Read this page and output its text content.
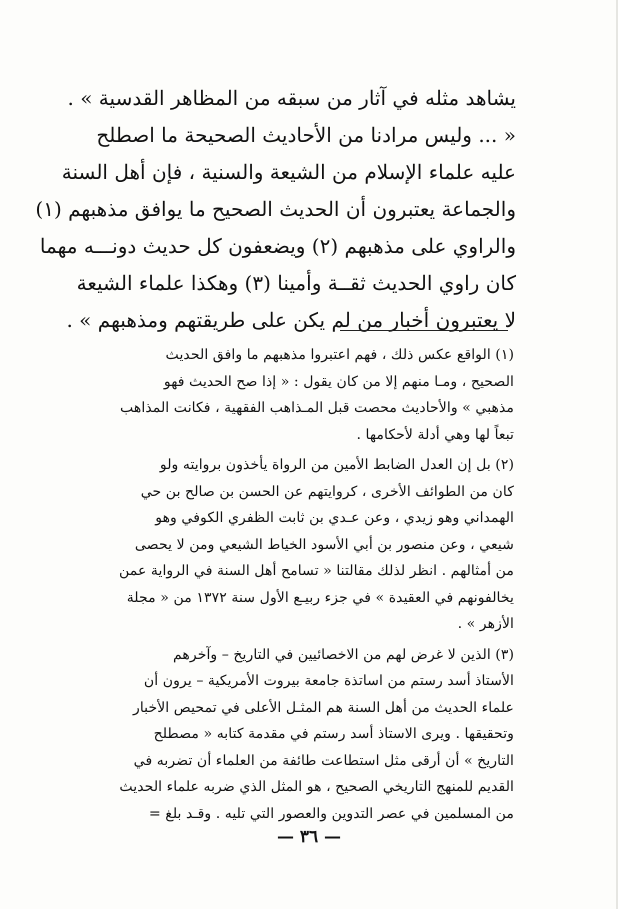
يشاهد مثله في آثار من سبقه من المظاهر القدسية » .
« ... وليس مرادنا من الأحاديث الصحيحة ما اصطلح
عليه علماء الإسلام من الشيعة والسنية ، فإن أهل السنة
والجماعة يعتبرون أن الحديث الصحيح ما يوافق مذهبهم (١)
والراوي على مذهبهم (٢) ويضعفون كل حديث دونـــه مهما
كان راوي الحديث ثقــة وأمينا (٣) وهكذا علماء الشيعة
لا يعتبرون أخبار من لم يكن على طريقتهم ومذهبهم » .
(١) الواقع عكس ذلك ، فهم اعتبروا مذهبهم ما وافق الحديث
الصحيح ، ومـا منهم إلا من كان يقول : « إذا صح الحديث فهو
مذهبي » والأحاديث محصت قبل المـذاهب الفقهية ، فكانت المذاهب
تبعاً لها وهي أدلة لأحكامها .
(٢) بل إن العدل الضابط الأمين من الرواة يأخذون بروايته ولو
كان من الطوائف الأخرى ، كروايتهم عن الحسن بن صالح بن حي
الهمداني وهو زيدي ، وعن عـدي بن ثابت الظفري الكوفي وهو
شيعي ، وعن منصور بن أبي الأسود الخياط الشيعي ومن لا يحصى
من أمثالهم . انظر لذلك مقالتنا « تسامح أهل السنة في الرواية عمن
يخالفونهم في العقيدة » في جزء ربيـع الأول سنة ١٣٧٢ من « مجلة
الأزهر » .
(٣) الذين لا غرض لهم من الاخصائيين في التاريخ – وآخرهم
الأستاذ أسد رستم من اساتذة جامعة بيروت الأمريكية – يرون أن
علماء الحديث من أهل السنة هم المثـل الأعلى في تمحيص الأخبار
وتحقيقها . ويرى الاستاذ أسد رستم في مقدمة كتابه « مصطلح
التاريخ » أن أرقى مثل استطاعت طائفة من العلماء أن تضربه في
القديم للمنهج التاريخي الصحيح ، هو المثل الذي ضربه علماء الحديث
من المسلمين في عصر التدوين والعصور التي تليه . وقـد بلغ =
— ٣٦ —
